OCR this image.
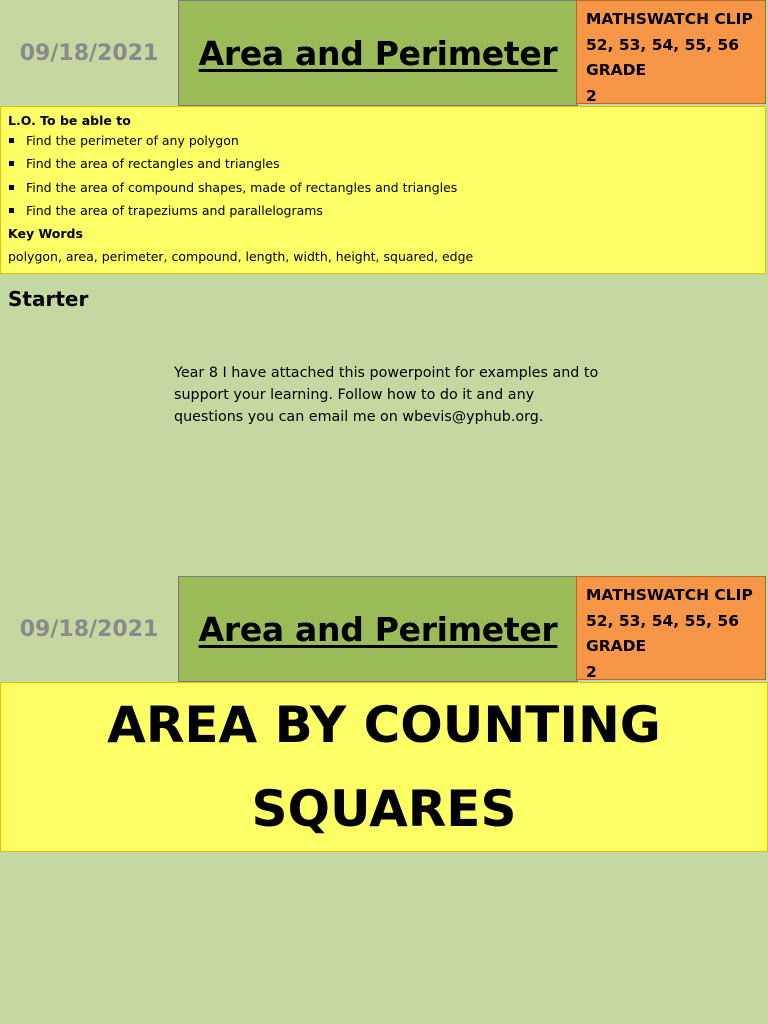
09/18/2021	Area and Perimeter
MATHSWATCH CLIP
52, 53, 54, 55, 56
GRADE
2
L.O. To be able to
Find the perimeter of any polygon
Find the area of rectangles and triangles
Find the area of compound shapes, made of rectangles and triangles
Find the area of trapeziums and parallelograms
Key Words
polygon, area, perimeter, compound, length, width, height, squared, edge
Starter
Year 8 I have attached this powerpoint for examples and to
support your learning. Follow how to do it and any
questions you can email me on wbevis@yphub.org.
09/18/2021	Area and Perimeter
MATHSWATCH CLIP
52, 53, 54, 55, 56
GRADE
2
AREA BY COUNTING
SQUARES
